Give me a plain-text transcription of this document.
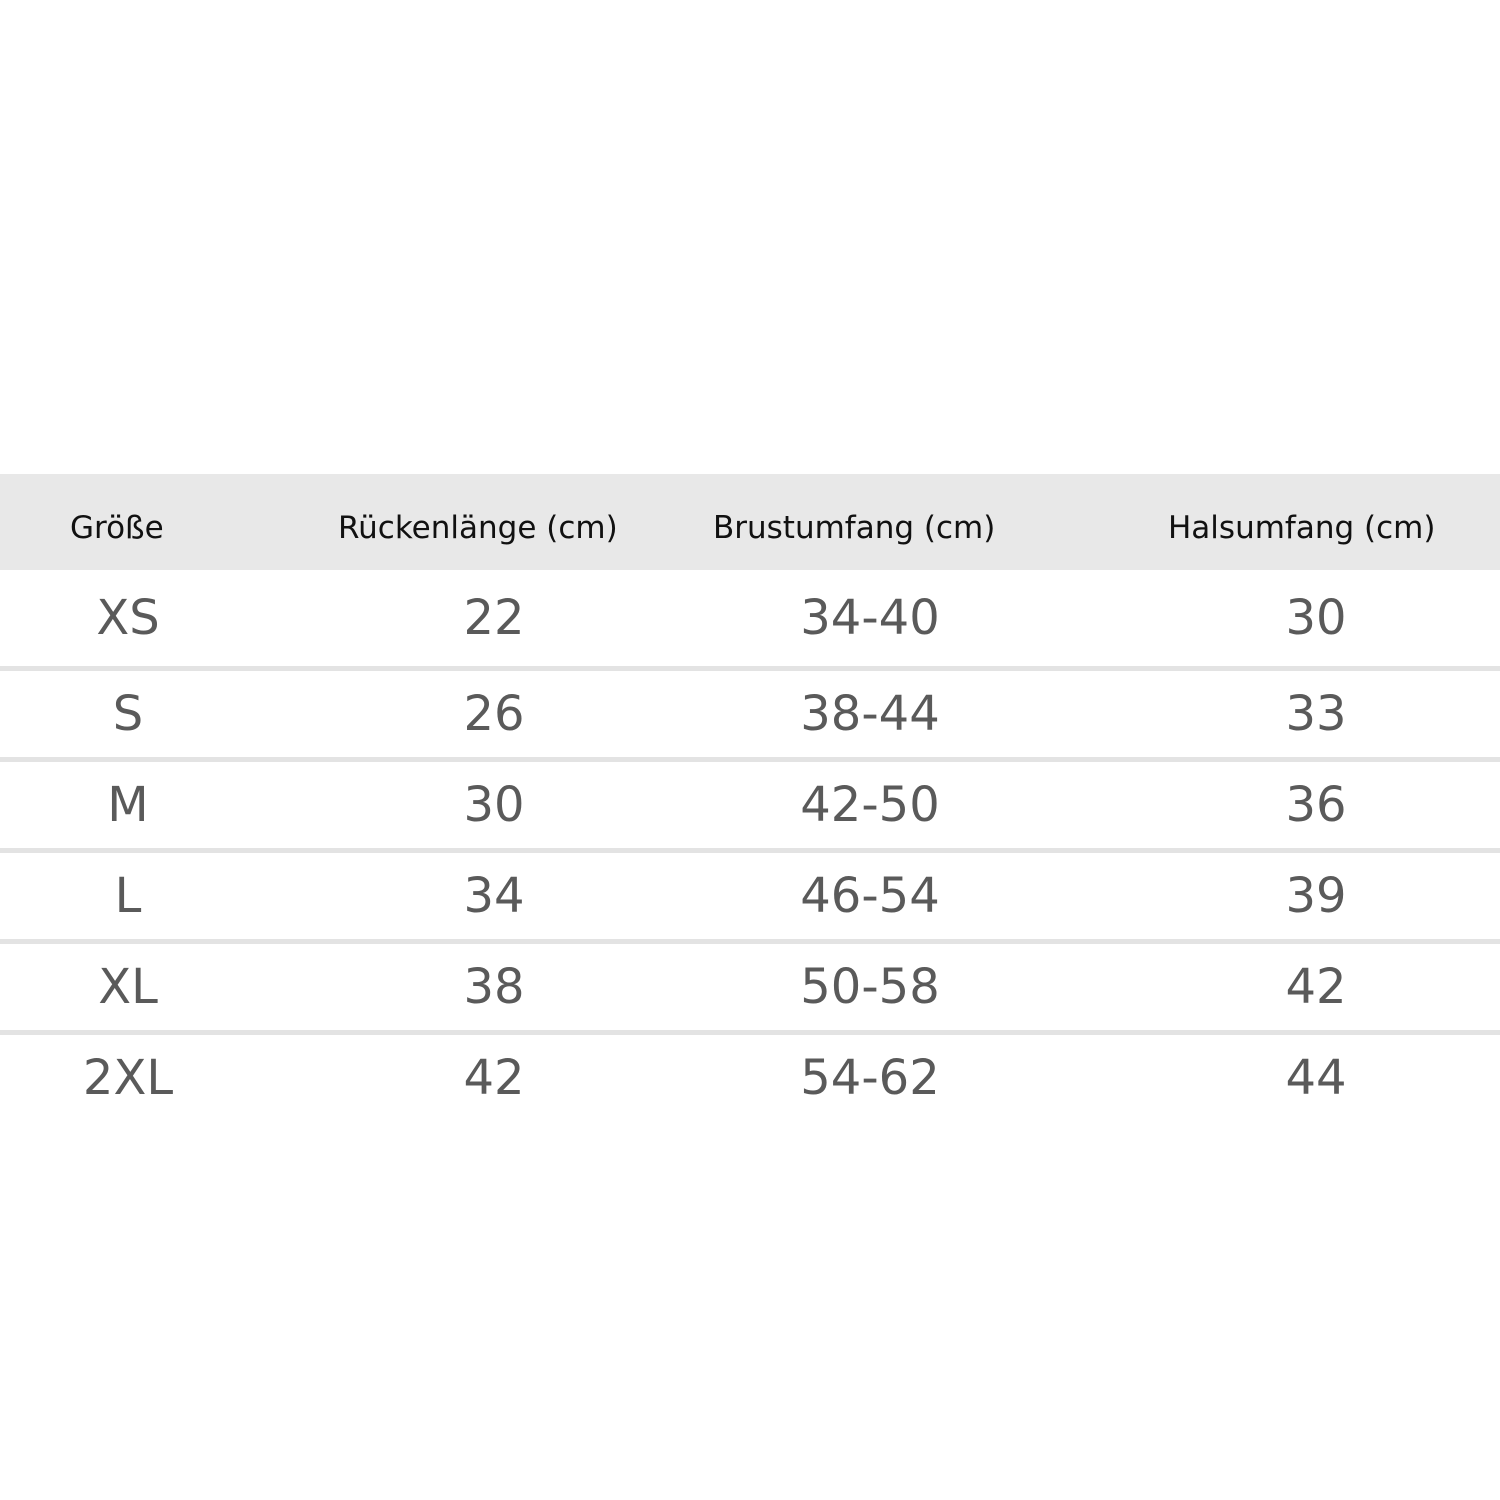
Größe	Rückenlänge (cm)	Brustumfang (cm)	Halsumfang (cm)
XS	22	34-40	30
S	26	38-44	33
M	30	42-50	36
L	34	46-54	39
XL	38	50-58	42
2XL	42	54-62	44
